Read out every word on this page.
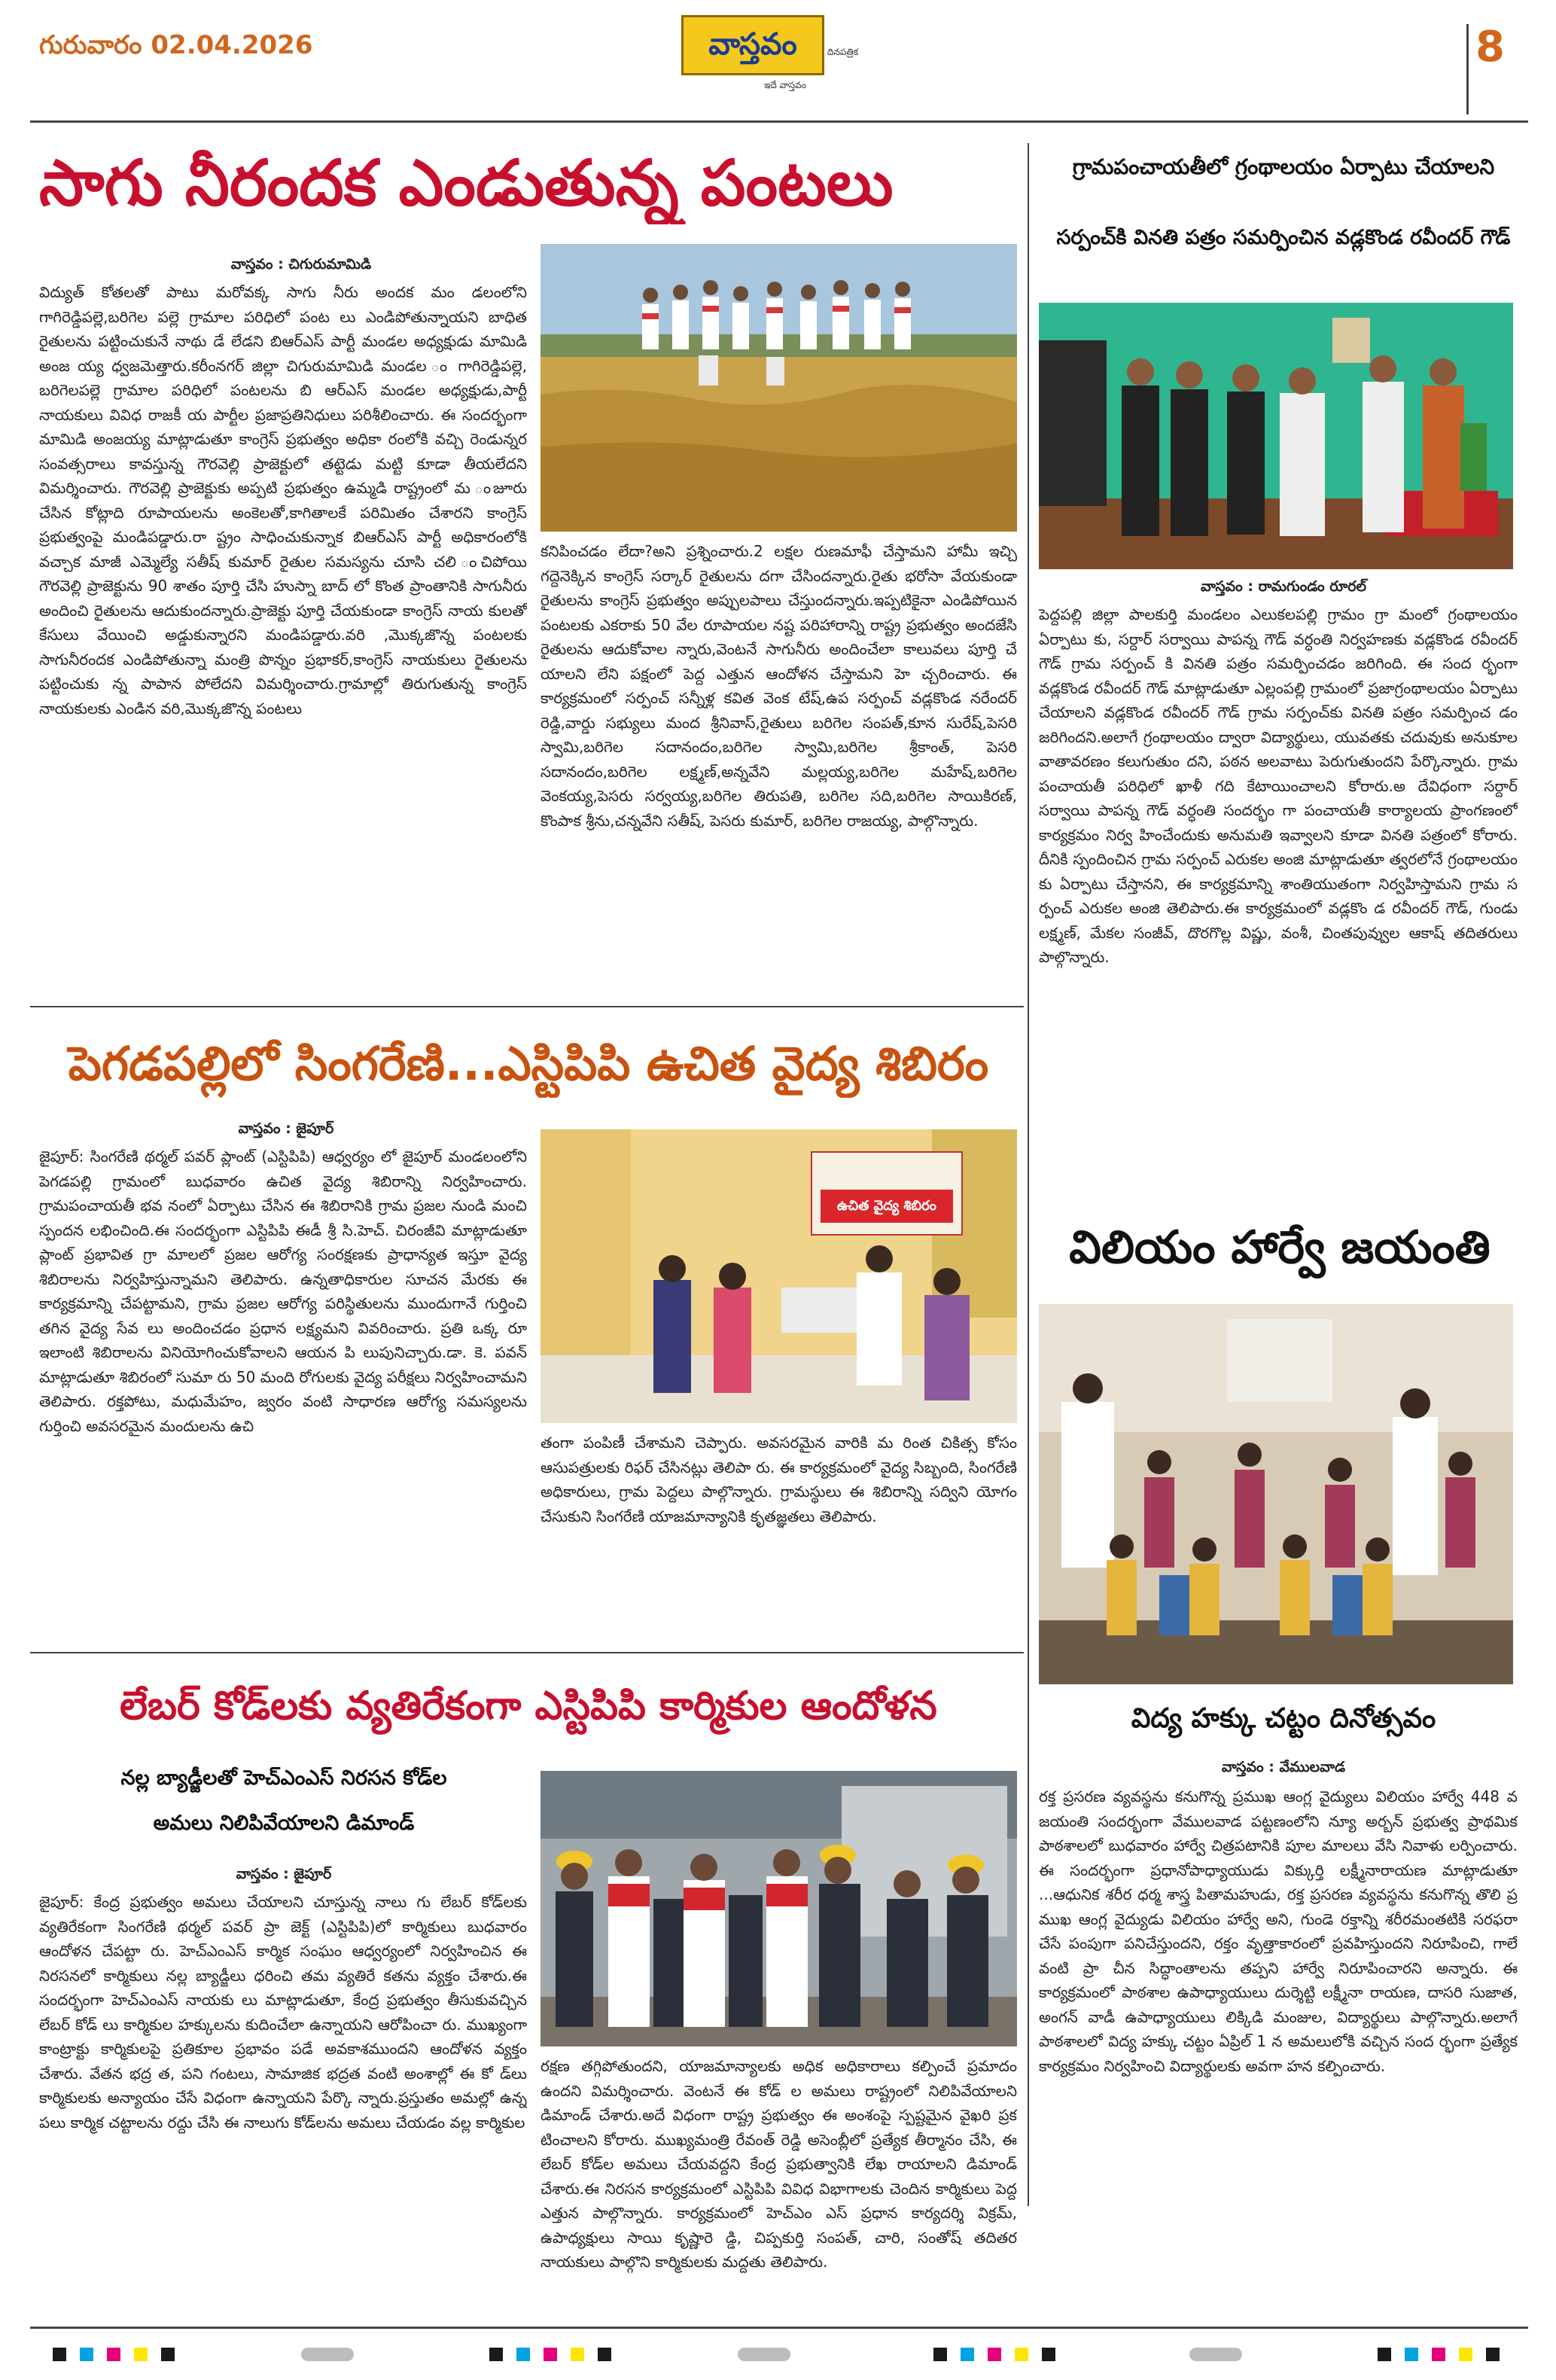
గురువారం 02.04.2026	వాస్తవం	దినపత్రిక
ఇదే వాస్తవం
8
సాగు నీరందక ఎండుతున్న పంటలు
వాస్తవం : చిగురుమామిడి
విద్యుత్ కోతలతో పాటు మరోవక్క సాగు నీరు అందక మం డలంలోని గాగిరెడ్డిపల్లె,బరిగెల పల్లె గ్రామాల పరిధిలో పంట లు ఎండిపోతున్నాయని బాధిత రైతులను పట్టించుకునే నాథు డే లేడని బిఆర్ఎస్ పార్టీ మండల అధ్యక్షుడు మామిడి అంజ య్య ధ్వజమెత్తారు.కరీంనగర్ జిల్లా చిగురుమామిడి మండల ం గాగిరెడ్డిపల్లె, బరిగెలపల్లె గ్రామాల పరిధిలో పంటలను బి ఆర్ఎస్ మండల అధ్యక్షుడు,పార్టీ నాయకులు వివిధ రాజకీ య పార్టీల ప్రజాప్రతినిధులు పరిశీలించారు. ఈ సందర్భంగా మామిడి అంజయ్య మాట్లాడుతూ కాంగ్రెస్ ప్రభుత్వం అధికా రంలోకి వచ్చి రెండున్నర సంవత్సరాలు కావస్తున్న గౌరవెల్లి ప్రాజెక్టులో తట్టెడు మట్టి కూడా తీయలేదని విమర్శించారు. గౌరవెల్లి ప్రాజెక్టుకు అప్పటి ప్రభుత్వం ఉమ్మడి రాష్ట్రంలో మ ంజూరు చేసిన కోట్లాది రూపాయలను అంకెలతో,కాగితాలకే పరిమితం చేశారని కాంగ్రెస్ ప్రభుత్వంపై మండిపడ్డారు.రా ష్ట్రం సాధించుకున్నాక బిఆర్ఎస్ పార్టీ అధికారంలోకి వచ్చాక మాజీ ఎమ్మెల్యే సతీష్ కుమార్ రైతుల సమస్యను చూసి చలి ంచిపోయి గౌరవెల్లి ప్రాజెక్టును 90 శాతం పూర్తి చేసి హుస్నా బాద్ లో కొంత ప్రాంతానికి సాగునీరు అందించి రైతులను ఆదుకుందన్నారు.ప్రాజెక్టు పూర్తి చేయకుండా కాంగ్రెస్ నాయ కులతో కేసులు వేయించి అడ్డుకున్నారని మండిపడ్డారు.వరి ,మొక్కజొన్న పంటలకు సాగునీరందక ఎండిపోతున్నా మంత్రి పొన్నం ప్రభాకర్,కాంగ్రెస్ నాయకులు రైతులను పట్టించుకు న్న పాపాన పోలేదని విమర్శించారు.గ్రామాల్లో తిరుగుతున్న కాంగ్రెస్ నాయకులకు ఎండిన వరి,మొక్కజొన్న పంటలు
కనిపించడం లేదా?అని ప్రశ్నించారు.2 లక్షల రుణమాఫీ చేస్తామని హామీ ఇచ్చి గద్దెనెక్కిన కాంగ్రెస్ సర్కార్ రైతులను దగా చేసిందన్నారు.రైతు భరోసా వేయకుండా రైతులను కాంగ్రెస్ ప్రభుత్వం అప్పులపాలు చేస్తుందన్నారు.ఇప్పటికైనా ఎండిపోయిన పంటలకు ఎకరాకు 50 వేల రూపాయల నష్ట పరిహారాన్ని రాష్ట్ర ప్రభుత్వం అందజేసి రైతులను ఆదుకోవాల న్నారు,వెంటనే సాగునీరు అందించేలా కాలువలు పూర్తి చే యాలని లేని పక్షంలో పెద్ద ఎత్తున ఆందోళన చేస్తామని హె చ్చరించారు. ఈ కార్యక్రమంలో సర్పంచ్ సన్నీళ్ల కవిత వెంక టేష్,ఉప సర్పంచ్ వడ్లకొండ నరేందర్ రెడ్డి,వార్డు సభ్యులు మంద శ్రీనివాస్,రైతులు బరిగెల సంపత్,కూన సురేష్,పెసరి స్వామి,బరిగెల సదానందం,బరిగెల స్వామి,బరిగెల శ్రీకాంత్, పెసరి సదానందం,బరిగెల లక్ష్మణ్,అన్నవేని మల్లయ్య,బరిగెల మహేష్,బరిగెల వెంకయ్య,పెసరు సర్వయ్య,బరిగెల తిరుపతి, బరిగెల సది,బరిగెల సాయికిరణ్, కొంపాక శ్రీను,చన్నవేని సతీష్, పెసరు కుమార్, బరిగెల రాజయ్య, పాల్గొన్నారు.
గ్రామపంచాయతీలో గ్రంథాలయం ఏర్పాటు చేయాలని
సర్పంచ్‌కి వినతి పత్రం సమర్పించిన వడ్లకొండ రవీందర్ గౌడ్
వాస్తవం : రామగుండం రూరల్
పెద్దపల్లి జిల్లా పాలకుర్తి మండలం ఎలుకలపల్లి గ్రామం గ్రా మంలో గ్రంథాలయం ఏర్పాటు కు, సర్దార్ సర్వాయి పాపన్న గౌడ్ వర్ధంతి నిర్వహణకు వడ్లకొండ రవీందర్ గౌడ్ గ్రామ సర్పంచ్ కి వినతి పత్రం సమర్పించడం జరిగింది. ఈ సంద ర్భంగా వడ్లకొండ రవీందర్ గౌడ్ మాట్లాడుతూ ఎల్లంపల్లి గ్రామంలో ప్రజాగ్రంథాలయం ఏర్పాటు చేయాలని వడ్లకొండ రవీందర్ గౌడ్ గ్రామ సర్పంచ్‌కు వినతి పత్రం సమర్పించ డం జరిగిందని.అలాగే గ్రంథాలయం ద్వారా విద్యార్థులు, యువతకు చదువుకు అనుకూల వాతావరణం కలుగుతుం దని, పఠన అలవాటు పెరుగుతుందని పేర్కొన్నారు. గ్రామ పంచాయతీ పరిధిలో ఖాళీ గది కేటాయించాలని కోరారు.అ దేవిధంగా సర్దార్ సర్వాయి పాపన్న గౌడ్ వర్ధంతి సందర్భం గా పంచాయతీ కార్యాలయ ప్రాంగణంలో కార్యక్రమం నిర్వ హించేందుకు అనుమతి ఇవ్వాలని కూడా వినతి పత్రంలో కోరారు. దీనికి స్పందించిన గ్రామ సర్పంచ్ ఎరుకల అంజి మాట్లాడుతూ త్వరలోనే గ్రంథాలయం కు ఏర్పాటు చేస్తానని, ఈ కార్యక్రమాన్ని శాంతియుతంగా నిర్వహిస్తామని గ్రామ స ర్పంచ్ ఎరుకల అంజి తెలిపారు.ఈ కార్యక్రమంలో వడ్లకొం డ రవీందర్ గౌడ్, గుండు లక్ష్మణ్, మేకల సంజీవ్, దొరగొల్ల విష్ణు, వంశీ, చింతపువ్వుల ఆకాష్ తదితరులు పాల్గొన్నారు.
విలియం హార్వే జయంతి
విద్య హక్కు చట్టం దినోత్సవం
వాస్తవం : వేములవాడ
రక్త ప్రసరణ వ్యవస్థను కనుగొన్న ప్రముఖ ఆంగ్ల వైద్యులు విలియం హార్వే 448 వ జయంతి సందర్భంగా వేములవాడ పట్టణంలోని న్యూ అర్బన్ ప్రభుత్వ ప్రాథమిక పాఠశాలలో బుధవారం హార్వే చిత్రపటానికి పూల మాలలు వేసి నివాళు లర్పించారు. ఈ సందర్భంగా ప్రధానోపాధ్యాయుడు విక్కుర్తి లక్ష్మీనారాయణ మాట్లాడుతూ ...ఆధునిక శరీర ధర్మ శాస్త్ర పితామహుడు, రక్త ప్రసరణ వ్యవస్థను కనుగొన్న తొలి ప్ర ముఖ ఆంగ్ల వైద్యుడు విలియం హార్వే అని, గుండె రక్తాన్ని శరీరమంతటికి సరఫరా చేసే పంపుగా పనిచేస్తుందని, రక్తం వృత్తాకారంలో ప్రవహిస్తుందని నిరూపించి, గాలే వంటి ప్రా చీన సిద్ధాంతాలను తప్పని హార్వే నిరూపించారని అన్నారు. ఈ కార్యక్రమంలో పాఠశాల ఉపాధ్యాయులు దుర్శెట్టి లక్ష్మీనా రాయణ, దాసరి సుజాత, అంగన్ వాడీ ఉపాధ్యాయులు లిక్కిడి మంజుల, విద్యార్థులు పాల్గొన్నారు.అలాగే పాఠశాలలో విద్య హక్కు చట్టం ఏప్రిల్ 1 న అమలులోకి వచ్చిన సంద ర్భంగా ప్రత్యేక కార్యక్రమం నిర్వహించి విద్యార్థులకు అవగా హన కల్పించారు.
పెగడపల్లిలో సింగరేణి...ఎస్టిపిపి ఉచిత వైద్య శిబిరం
వాస్తవం : జైపూర్
జైపూర్: సింగరేణి థర్మల్ పవర్ ప్లాంట్ (ఎస్టిపిపి) ఆధ్వర్యం లో జైపూర్ మండలంలోని పెగడపల్లి గ్రామంలో బుధవారం ఉచిత వైద్య శిబిరాన్ని నిర్వహించారు. గ్రామపంచాయతీ భవ నంలో ఏర్పాటు చేసిన ఈ శిబిరానికి గ్రామ ప్రజల నుండి మంచి స్పందన లభించింది.ఈ సందర్భంగా ఎస్టిపిపి ఈడీ శ్రీ సి.హెచ్. చిరంజీవి మాట్లాడుతూ ప్లాంట్ ప్రభావిత గ్రా మాలలో ప్రజల ఆరోగ్య సంరక్షణకు ప్రాధాన్యత ఇస్తూ వైద్య శిబిరాలను నిర్వహిస్తున్నామని తెలిపారు. ఉన్నతాధికారుల సూచన మేరకు ఈ కార్యక్రమాన్ని చేపట్టామని, గ్రామ ప్రజల ఆరోగ్య పరిస్థితులను ముందుగానే గుర్తించి తగిన వైద్య సేవ లు అందించడం ప్రధాన లక్ష్యమని వివరించారు. ప్రతి ఒక్క రూ ఇలాంటి శిబిరాలను వినియోగించుకోవాలని ఆయన పి లుపునిచ్చారు.డా. కె. పవన్ మాట్లాడుతూ శిబిరంలో సుమా రు 50 మంది రోగులకు వైద్య పరీక్షలు నిర్వహించామని తెలిపారు. రక్తపోటు, మధుమేహం, జ్వరం వంటి సాధారణ ఆరోగ్య సమస్యలను గుర్తించి అవసరమైన మందులను ఉచి
ఉచిత వైద్య శిబిరం
తంగా పంపిణీ చేశామని చెప్పారు. అవసరమైన వారికి మ రింత చికిత్స కోసం ఆసుపత్రులకు రిఫర్ చేసినట్లు తెలిపా రు. ఈ కార్యక్రమంలో వైద్య సిబ్బంది, సింగరేణి అధికారులు, గ్రామ పెద్దలు పాల్గొన్నారు. గ్రామస్థులు ఈ శిబిరాన్ని సద్విని యోగం చేసుకుని సింగరేణి యాజమాన్యానికి కృతజ్ఞతలు తెలిపారు.
లేబర్ కోడ్‌లకు వ్యతిరేకంగా ఎస్టిపిపి కార్మికుల ఆందోళన
నల్ల బ్యాడ్జీలతో హెచ్ఎంఎస్ నిరసన కోడ్‌ల
అమలు నిలిపివేయాలని డిమాండ్
వాస్తవం : జైపూర్
జైపూర్: కేంద్ర ప్రభుత్వం అమలు చేయాలని చూస్తున్న నాలు గు లేబర్ కోడ్‌లకు వ్యతిరేకంగా సింగరేణి థర్మల్ పవర్ ప్రా జెక్ట్ (ఎస్టిపిపి)లో కార్మికులు బుధవారం ఆందోళన చేపట్టా రు. హెచ్ఎంఎస్ కార్మిక సంఘం ఆధ్వర్యంలో నిర్వహించిన ఈ నిరసనలో కార్మికులు నల్ల బ్యాడ్జీలు ధరించి తమ వ్యతిరే కతను వ్యక్తం చేశారు.ఈ సందర్భంగా హెచ్ఎంఎస్ నాయకు లు మాట్లాడుతూ, కేంద్ర ప్రభుత్వం తీసుకువచ్చిన లేబర్ కోడ్ లు కార్మికుల హక్కులను కుదించేలా ఉన్నాయని ఆరోపించా రు. ముఖ్యంగా కాంట్రాక్టు కార్మికులపై ప్రతికూల ప్రభావం పడే అవకాశముందని ఆందోళన వ్యక్తం చేశారు. వేతన భద్ర త, పని గంటలు, సామాజిక భద్రత వంటి అంశాల్లో ఈ కో డ్‌లు కార్మికులకు అన్యాయం చేసే విధంగా ఉన్నాయని పేర్కొ న్నారు.ప్రస్తుతం అమల్లో ఉన్న పలు కార్మిక చట్టాలను రద్దు చేసి ఈ నాలుగు కోడ్‌లను అమలు చేయడం వల్ల కార్మికుల
రక్షణ తగ్గిపోతుందని, యాజమాన్యాలకు అధిక అధికారాలు కల్పించే ప్రమాదం ఉందని విమర్శించారు. వెంటనే ఈ కోడ్ ల అమలు రాష్ట్రంలో నిలిపివేయాలని డిమాండ్ చేశారు.అదే విధంగా రాష్ట్ర ప్రభుత్వం ఈ అంశంపై స్పష్టమైన వైఖరి ప్రక టించాలని కోరారు. ముఖ్యమంత్రి రేవంత్ రెడ్డి అసెంబ్లీలో ప్రత్యేక తీర్మానం చేసి, ఈ లేబర్ కోడ్‌ల అమలు చేయవద్దని కేంద్ర ప్రభుత్వానికి లేఖ రాయాలని డిమాండ్ చేశారు.ఈ నిరసన కార్యక్రమంలో ఎస్టిపిపి వివిధ విభాగాలకు చెందిన కార్మికులు పెద్ద ఎత్తున పాల్గొన్నారు. కార్యక్రమంలో హెచ్ఎం ఎస్ ప్రధాన కార్యదర్శి విక్రమ్, ఉపాధ్యక్షులు సాయి కృష్ణారె డ్డి, చిప్పకుర్తి సంపత్, చారి, సంతోష్ తదితర నాయకులు పాల్గొని కార్మికులకు మద్దతు తెలిపారు.
